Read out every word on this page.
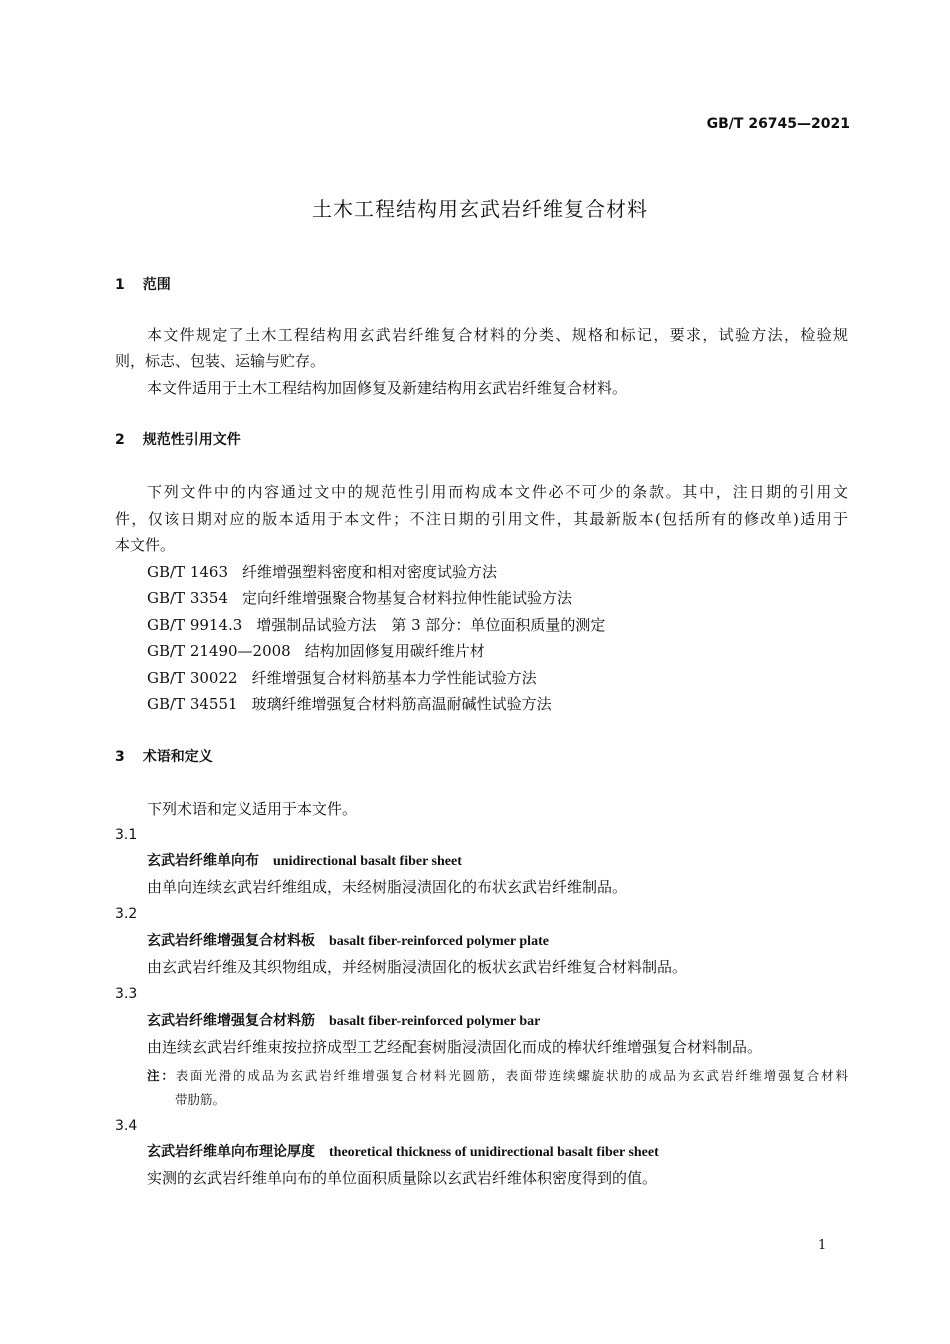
GB/T 26745—2021
土木工程结构用玄武岩纤维复合材料
1 范围
本文件规定了土木工程结构用玄武岩纤维复合材料的分类、规格和标记，要求，试验方法，检验规
则，标志、包装、运输与贮存。
本文件适用于土木工程结构加固修复及新建结构用玄武岩纤维复合材料。
2 规范性引用文件
下列文件中的内容通过文中的规范性引用而构成本文件必不可少的条款。其中，注日期的引用文
件，仅该日期对应的版本适用于本文件；不注日期的引用文件，其最新版本(包括所有的修改单)适用于
本文件。
GB/T 1463 纤维增强塑料密度和相对密度试验方法
GB/T 3354 定向纤维增强聚合物基复合材料拉伸性能试验方法
GB/T 9914.3 增强制品试验方法　第 3 部分：单位面积质量的测定
GB/T 21490—2008 结构加固修复用碳纤维片材
GB/T 30022 纤维增强复合材料筋基本力学性能试验方法
GB/T 34551 玻璃纤维增强复合材料筋高温耐碱性试验方法
3 术语和定义
下列术语和定义适用于本文件。
3.1
玄武岩纤维单向布 unidirectional basalt fiber sheet
由单向连续玄武岩纤维组成，未经树脂浸渍固化的布状玄武岩纤维制品。
3.2
玄武岩纤维增强复合材料板 basalt fiber-reinforced polymer plate
由玄武岩纤维及其织物组成，并经树脂浸渍固化的板状玄武岩纤维复合材料制品。
3.3
玄武岩纤维增强复合材料筋 basalt fiber-reinforced polymer bar
由连续玄武岩纤维束按拉挤成型工艺经配套树脂浸渍固化而成的棒状纤维增强复合材料制品。
注：表面光滑的成品为玄武岩纤维增强复合材料光圆筋，表面带连续螺旋状肋的成品为玄武岩纤维增强复合材料
带肋筋。
3.4
玄武岩纤维单向布理论厚度 theoretical thickness of unidirectional basalt fiber sheet
实测的玄武岩纤维单向布的单位面积质量除以玄武岩纤维体积密度得到的值。
1
